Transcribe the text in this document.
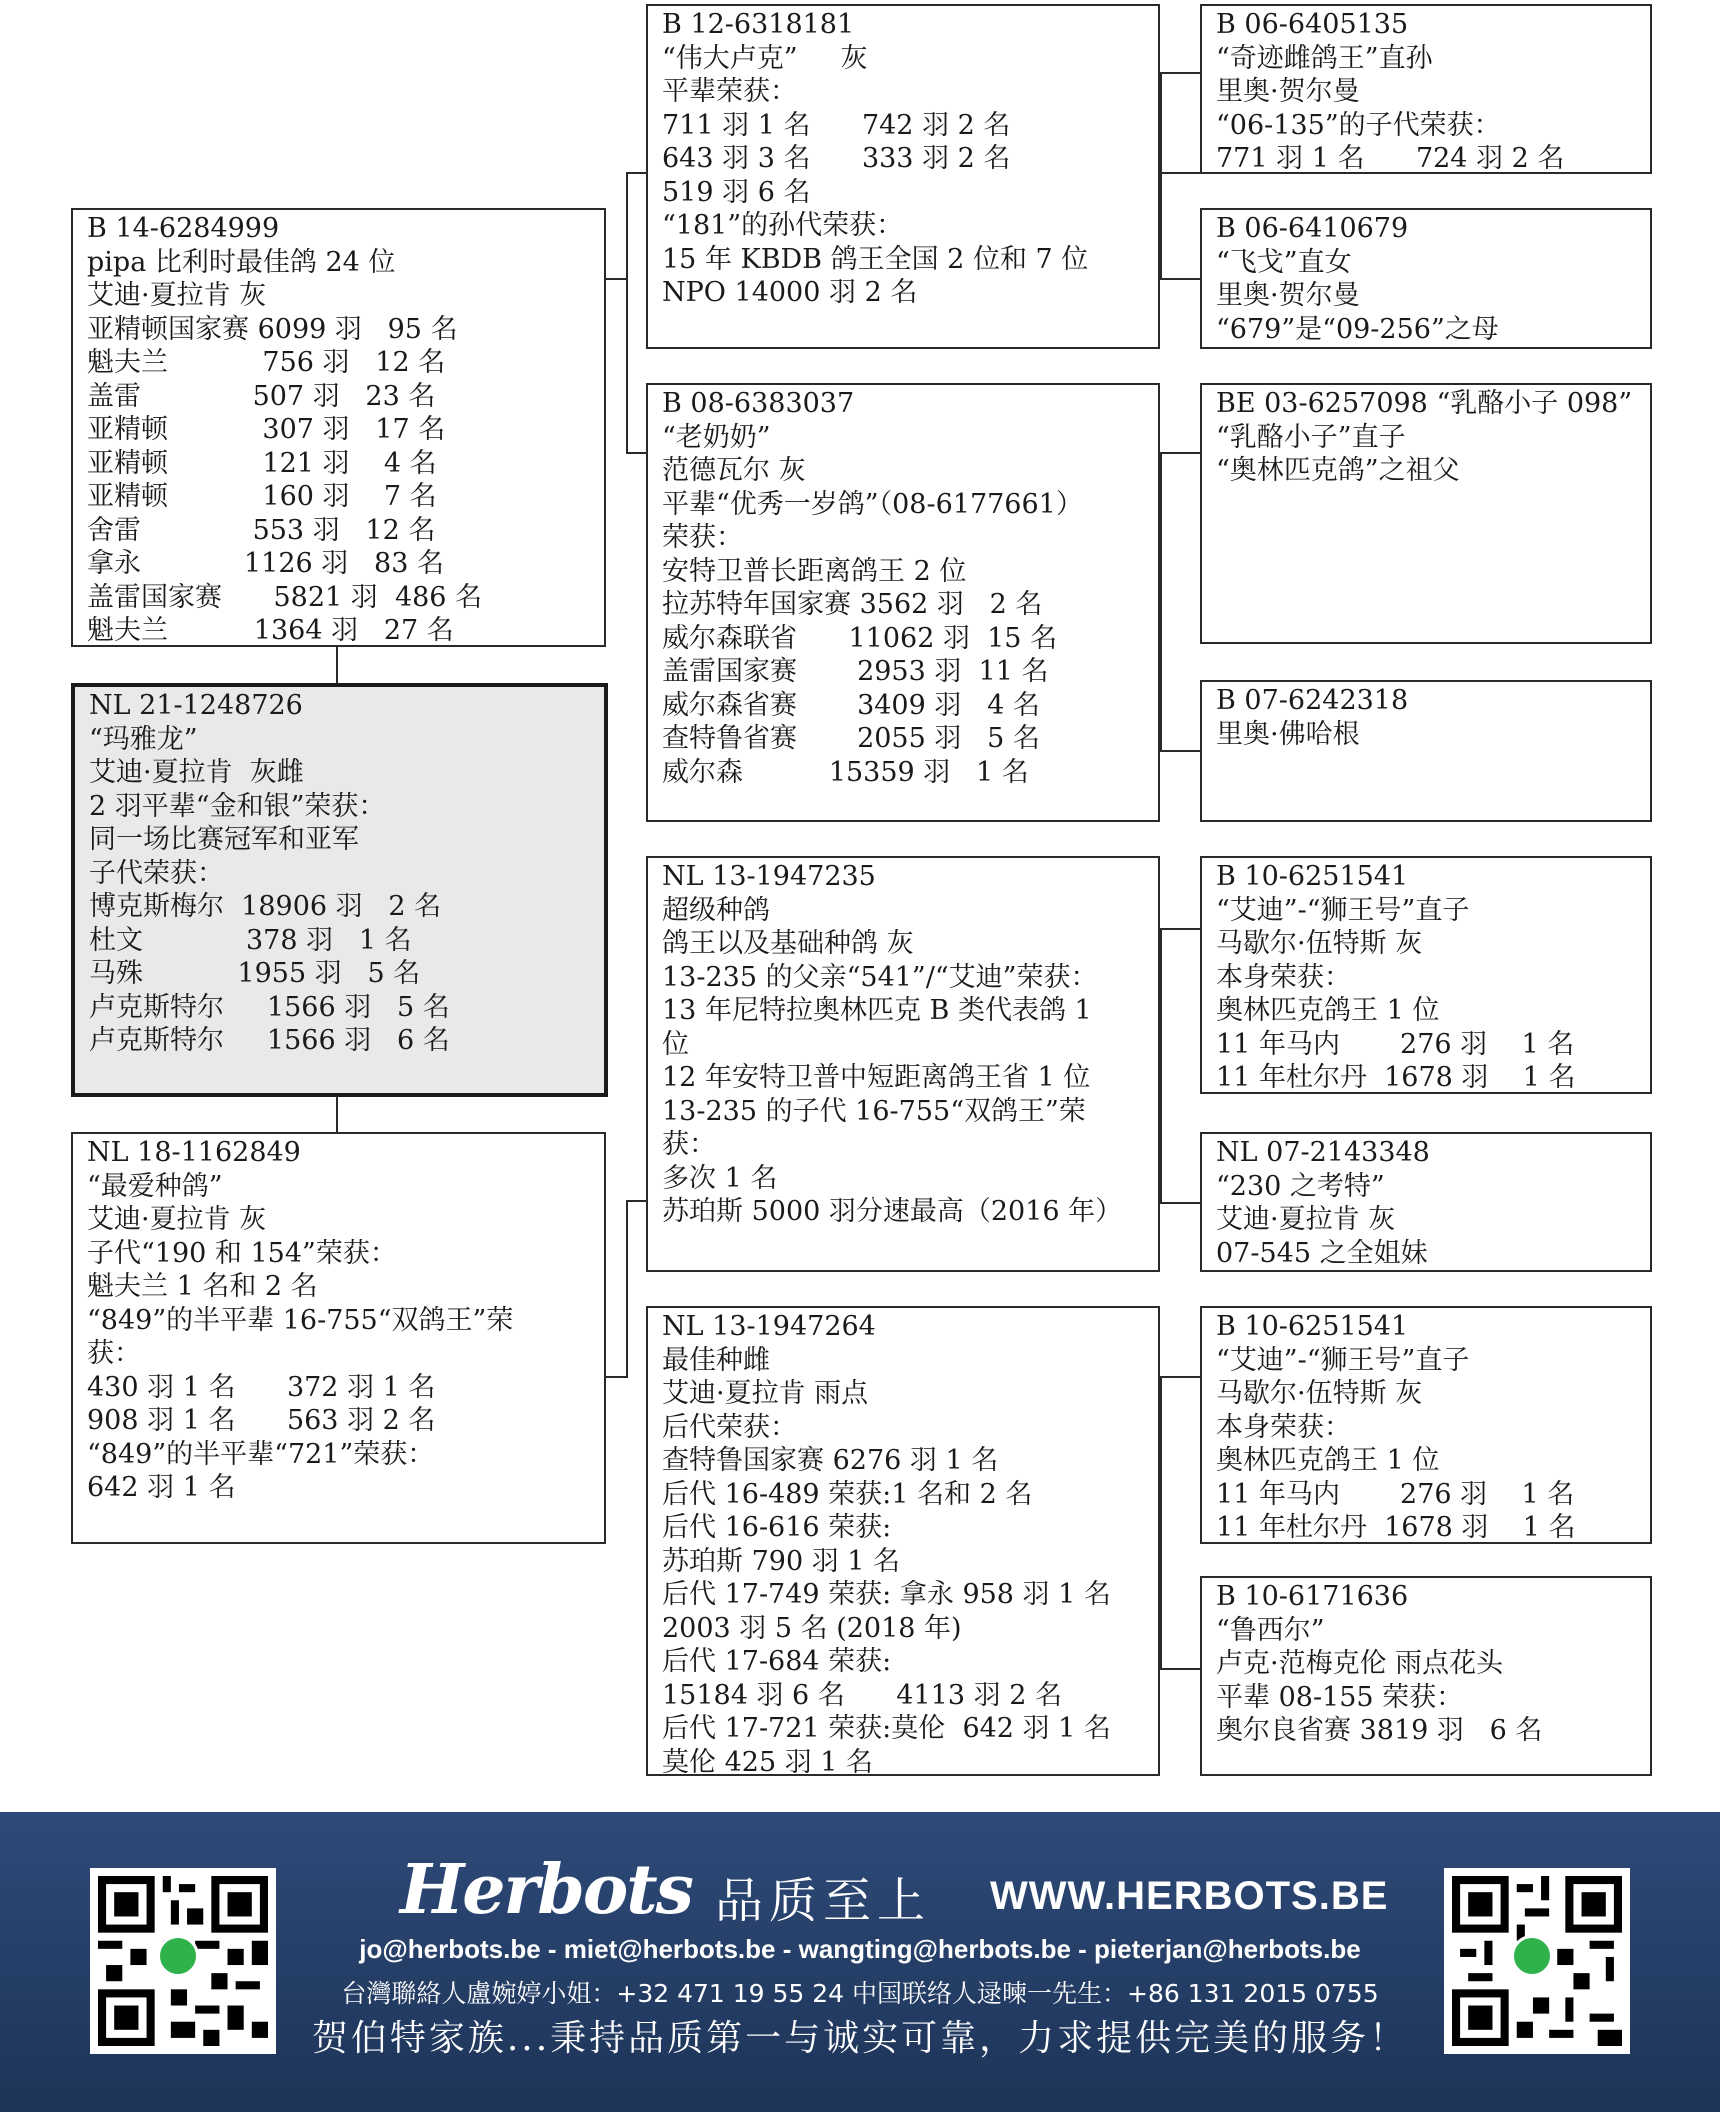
B 14-6284999
pipa 比利时最佳鸽 24 位
艾迪·夏拉肯 灰
亚精顿国家赛 6099 羽   95 名
魁夫兰           756 羽   12 名
盖雷             507 羽   23 名
亚精顿           307 羽   17 名
亚精顿           121 羽    4 名
亚精顿           160 羽    7 名
舍雷             553 羽   12 名
拿永            1126 羽   83 名
盖雷国家赛      5821 羽  486 名
魁夫兰          1364 羽   27 名
NL 21-1248726
“玛雅龙”
艾迪·夏拉肯  灰雌
2 羽平辈“金和银”荣获：
同一场比赛冠军和亚军
子代荣获：
博克斯梅尔  18906 羽   2 名
杜文            378 羽   1 名
马殊           1955 羽   5 名
卢克斯特尔     1566 羽   5 名
卢克斯特尔     1566 羽   6 名
NL 18-1162849
“最爱种鸽”
艾迪·夏拉肯 灰
子代“190 和 154”荣获：
魁夫兰 1 名和 2 名
“849”的半平辈 16-755“双鸽王”荣
获：
430 羽 1 名      372 羽 1 名
908 羽 1 名      563 羽 2 名
“849”的半平辈“721”荣获：
642 羽 1 名
B 12-6318181
“伟大卢克”     灰
平辈荣获：
711 羽 1 名      742 羽 2 名
643 羽 3 名      333 羽 2 名
519 羽 6 名
“181”的孙代荣获：
15 年 KBDB 鸽王全国 2 位和 7 位
NPO 14000 羽 2 名
B 08-6383037
“老奶奶”
范德瓦尔 灰
平辈“优秀一岁鸽”（08-6177661）
荣获：
安特卫普长距离鸽王 2 位
拉苏特年国家赛 3562 羽   2 名
威尔森联省      11062 羽  15 名
盖雷国家赛       2953 羽  11 名
威尔森省赛       3409 羽   4 名
查特鲁省赛       2055 羽   5 名
威尔森          15359 羽   1 名
NL 13-1947235
超级种鸽
鸽王以及基础种鸽 灰
13-235 的父亲“541”/“艾迪”荣获：
13 年尼特拉奥林匹克 B 类代表鸽 1
位
12 年安特卫普中短距离鸽王省 1 位
13-235 的子代 16-755“双鸽王”荣
获：
多次 1 名
苏珀斯 5000 羽分速最高（2016 年）
NL 13-1947264
最佳种雌
艾迪·夏拉肯 雨点
后代荣获：
查特鲁国家赛 6276 羽 1 名
后代 16-489 荣获:1 名和 2 名
后代 16-616 荣获:
苏珀斯 790 羽 1 名
后代 17-749 荣获: 拿永 958 羽 1 名
2003 羽 5 名 (2018 年)
后代 17-684 荣获:
15184 羽 6 名      4113 羽 2 名
后代 17-721 荣获:莫伦  642 羽 1 名
莫伦 425 羽 1 名
B 06-6405135
“奇迹雌鸽王”直孙
里奥·贺尔曼
“06-135”的子代荣获：
771 羽 1 名      724 羽 2 名
B 06-6410679
“飞戈”直女
里奥·贺尔曼
“679”是“09-256”之母
BE 03-6257098 “乳酪小子 098”
“乳酪小子”直子
“奥林匹克鸽”之祖父
B 07-6242318
里奥·佛哈根
B 10-6251541
“艾迪”-“狮王号”直子
马歇尔·伍特斯 灰
本身荣获：
奥林匹克鸽王 1 位
11 年马内       276 羽    1 名
11 年杜尔丹  1678 羽    1 名
NL 07-2143348
“230 之考特”
艾迪·夏拉肯 灰
07-545 之全姐妹
B 10-6251541
“艾迪”-“狮王号”直子
马歇尔·伍特斯 灰
本身荣获：
奥林匹克鸽王 1 位
11 年马内       276 羽    1 名
11 年杜尔丹  1678 羽    1 名
B 10-6171636
“鲁西尔”
卢克·范梅克伦 雨点花头
平辈 08-155 荣获：
奥尔良省赛 3819 羽   6 名
Herbots 品质至上 WWW.HERBOTS.BE
jo@herbots.be - miet@herbots.be - wangting@herbots.be - pieterjan@herbots.be
台灣聯絡人盧婉婷小姐：+32 471 19 55 24 中国联络人逯暕一先生：+86 131 2015 0755
贺伯特家族...秉持品质第一与诚实可靠，力求提供完美的服务！
